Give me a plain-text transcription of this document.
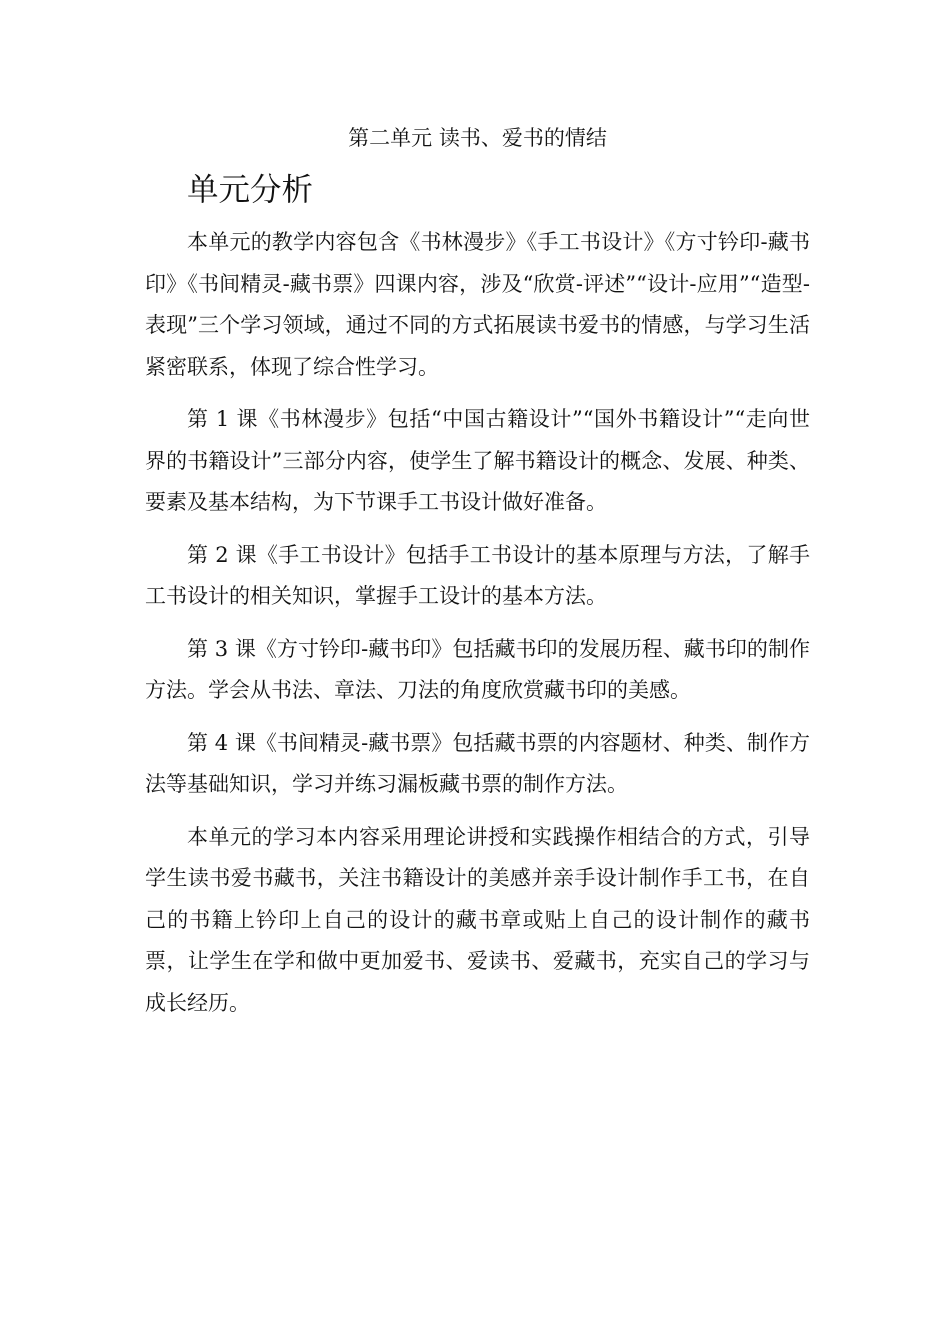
第二单元 读书、爱书的情结
单元分析

本单元的教学内容包含《书林漫步》《手工书设计》《方寸钤印-藏书印》《书间精灵-藏书票》四课内容，涉及“欣赏-评述”“设计-应用”“造型-表现”三个学习领域，通过不同的方式拓展读书爱书的情感，与学习生活紧密联系，体现了综合性学习。

第 1 课《书林漫步》包括“中国古籍设计”“国外书籍设计”“走向世界的书籍设计”三部分内容，使学生了解书籍设计的概念、发展、种类、要素及基本结构，为下节课手工书设计做好准备。

第 2 课《手工书设计》包括手工书设计的基本原理与方法，了解手工书设计的相关知识，掌握手工设计的基本方法。

第 3 课《方寸钤印-藏书印》包括藏书印的发展历程、藏书印的制作方法。学会从书法、章法、刀法的角度欣赏藏书印的美感。

第 4 课《书间精灵-藏书票》包括藏书票的内容题材、种类、制作方法等基础知识，学习并练习漏板藏书票的制作方法。

本单元的学习本内容采用理论讲授和实践操作相结合的方式，引导学生读书爱书藏书，关注书籍设计的美感并亲手设计制作手工书，在自己的书籍上钤印上自己的设计的藏书章或贴上自己的设计制作的藏书票，让学生在学和做中更加爱书、爱读书、爱藏书，充实自己的学习与成长经历。
